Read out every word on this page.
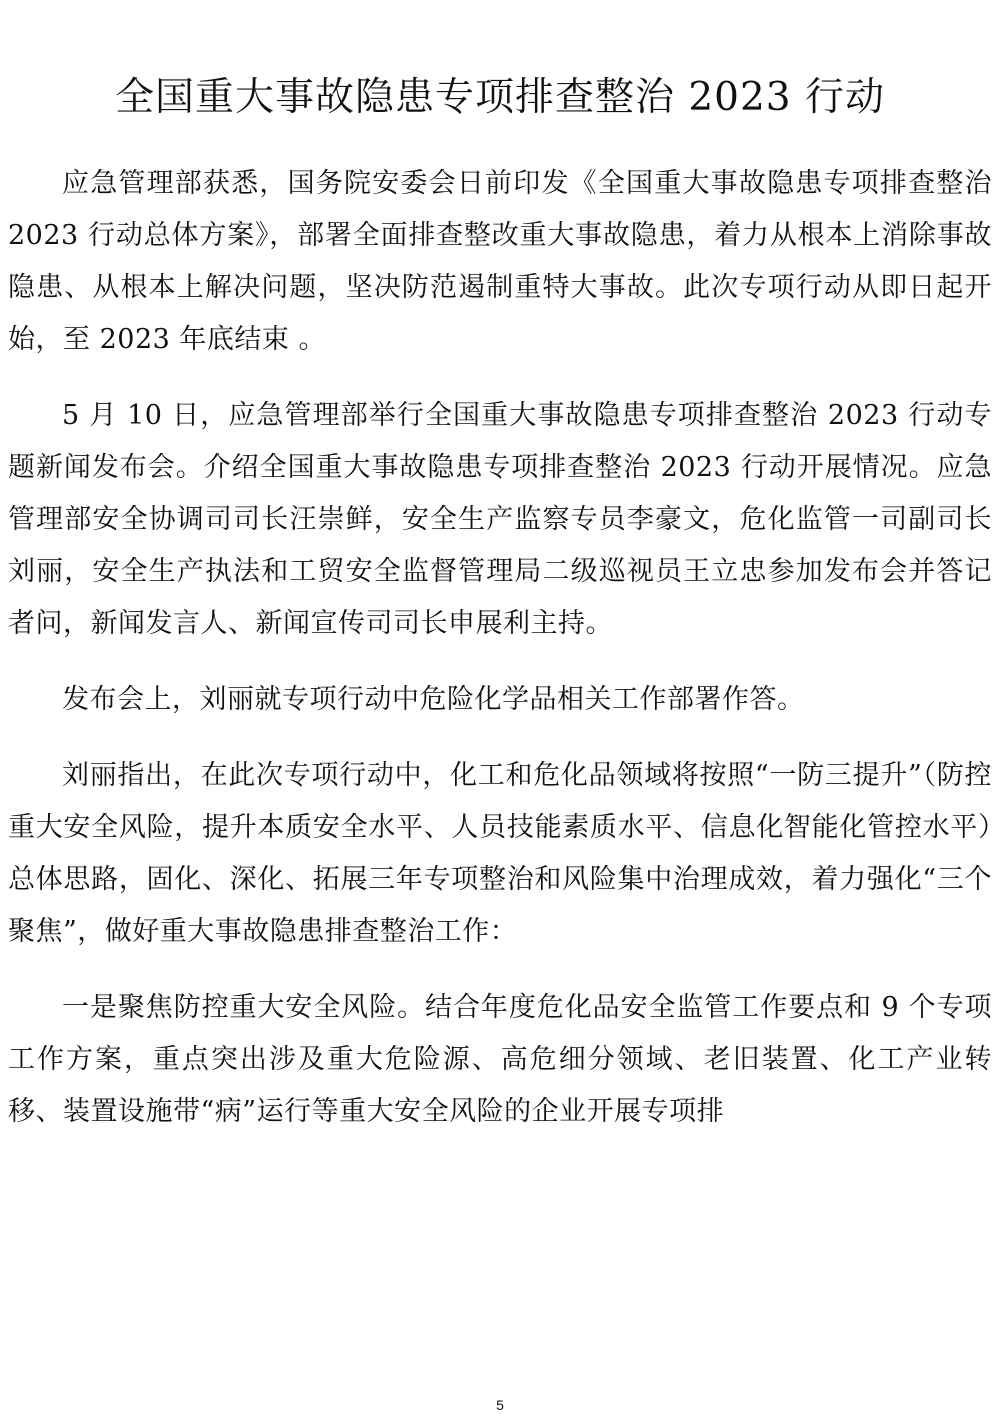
全国重大事故隐患专项排查整治 2023 行动

应急管理部获悉，国务院安委会日前印发《全国重大事故隐患专项排查整治 2023 行动总体方案》，部署全面排查整改重大事故隐患，着力从根本上消除事故隐患、从根本上解决问题，坚决防范遏制重特大事故。此次专项行动从即日起开始，至 2023 年底结束 。

5 月 10 日，应急管理部举行全国重大事故隐患专项排查整治 2023 行动专题新闻发布会。介绍全国重大事故隐患专项排查整治 2023 行动开展情况。应急管理部安全协调司司长汪崇鲜，安全生产监察专员李豪文，危化监管一司副司长刘丽，安全生产执法和工贸安全监督管理局二级巡视员王立忠参加发布会并答记者问，新闻发言人、新闻宣传司司长申展利主持。

发布会上，刘丽就专项行动中危险化学品相关工作部署作答。

刘丽指出，在此次专项行动中，化工和危化品领域将按照“一防三提升”（防控重大安全风险，提升本质安全水平、人员技能素质水平、信息化智能化管控水平）总体思路，固化、深化、拓展三年专项整治和风险集中治理成效，着力强化“三个聚焦”，做好重大事故隐患排查整治工作：

一是聚焦防控重大安全风险。结合年度危化品安全监管工作要点和 9 个专项工作方案，重点突出涉及重大危险源、高危细分领域、老旧装置、化工产业转移、装置设施带“病”运行等重大安全风险的企业开展专项排

5
